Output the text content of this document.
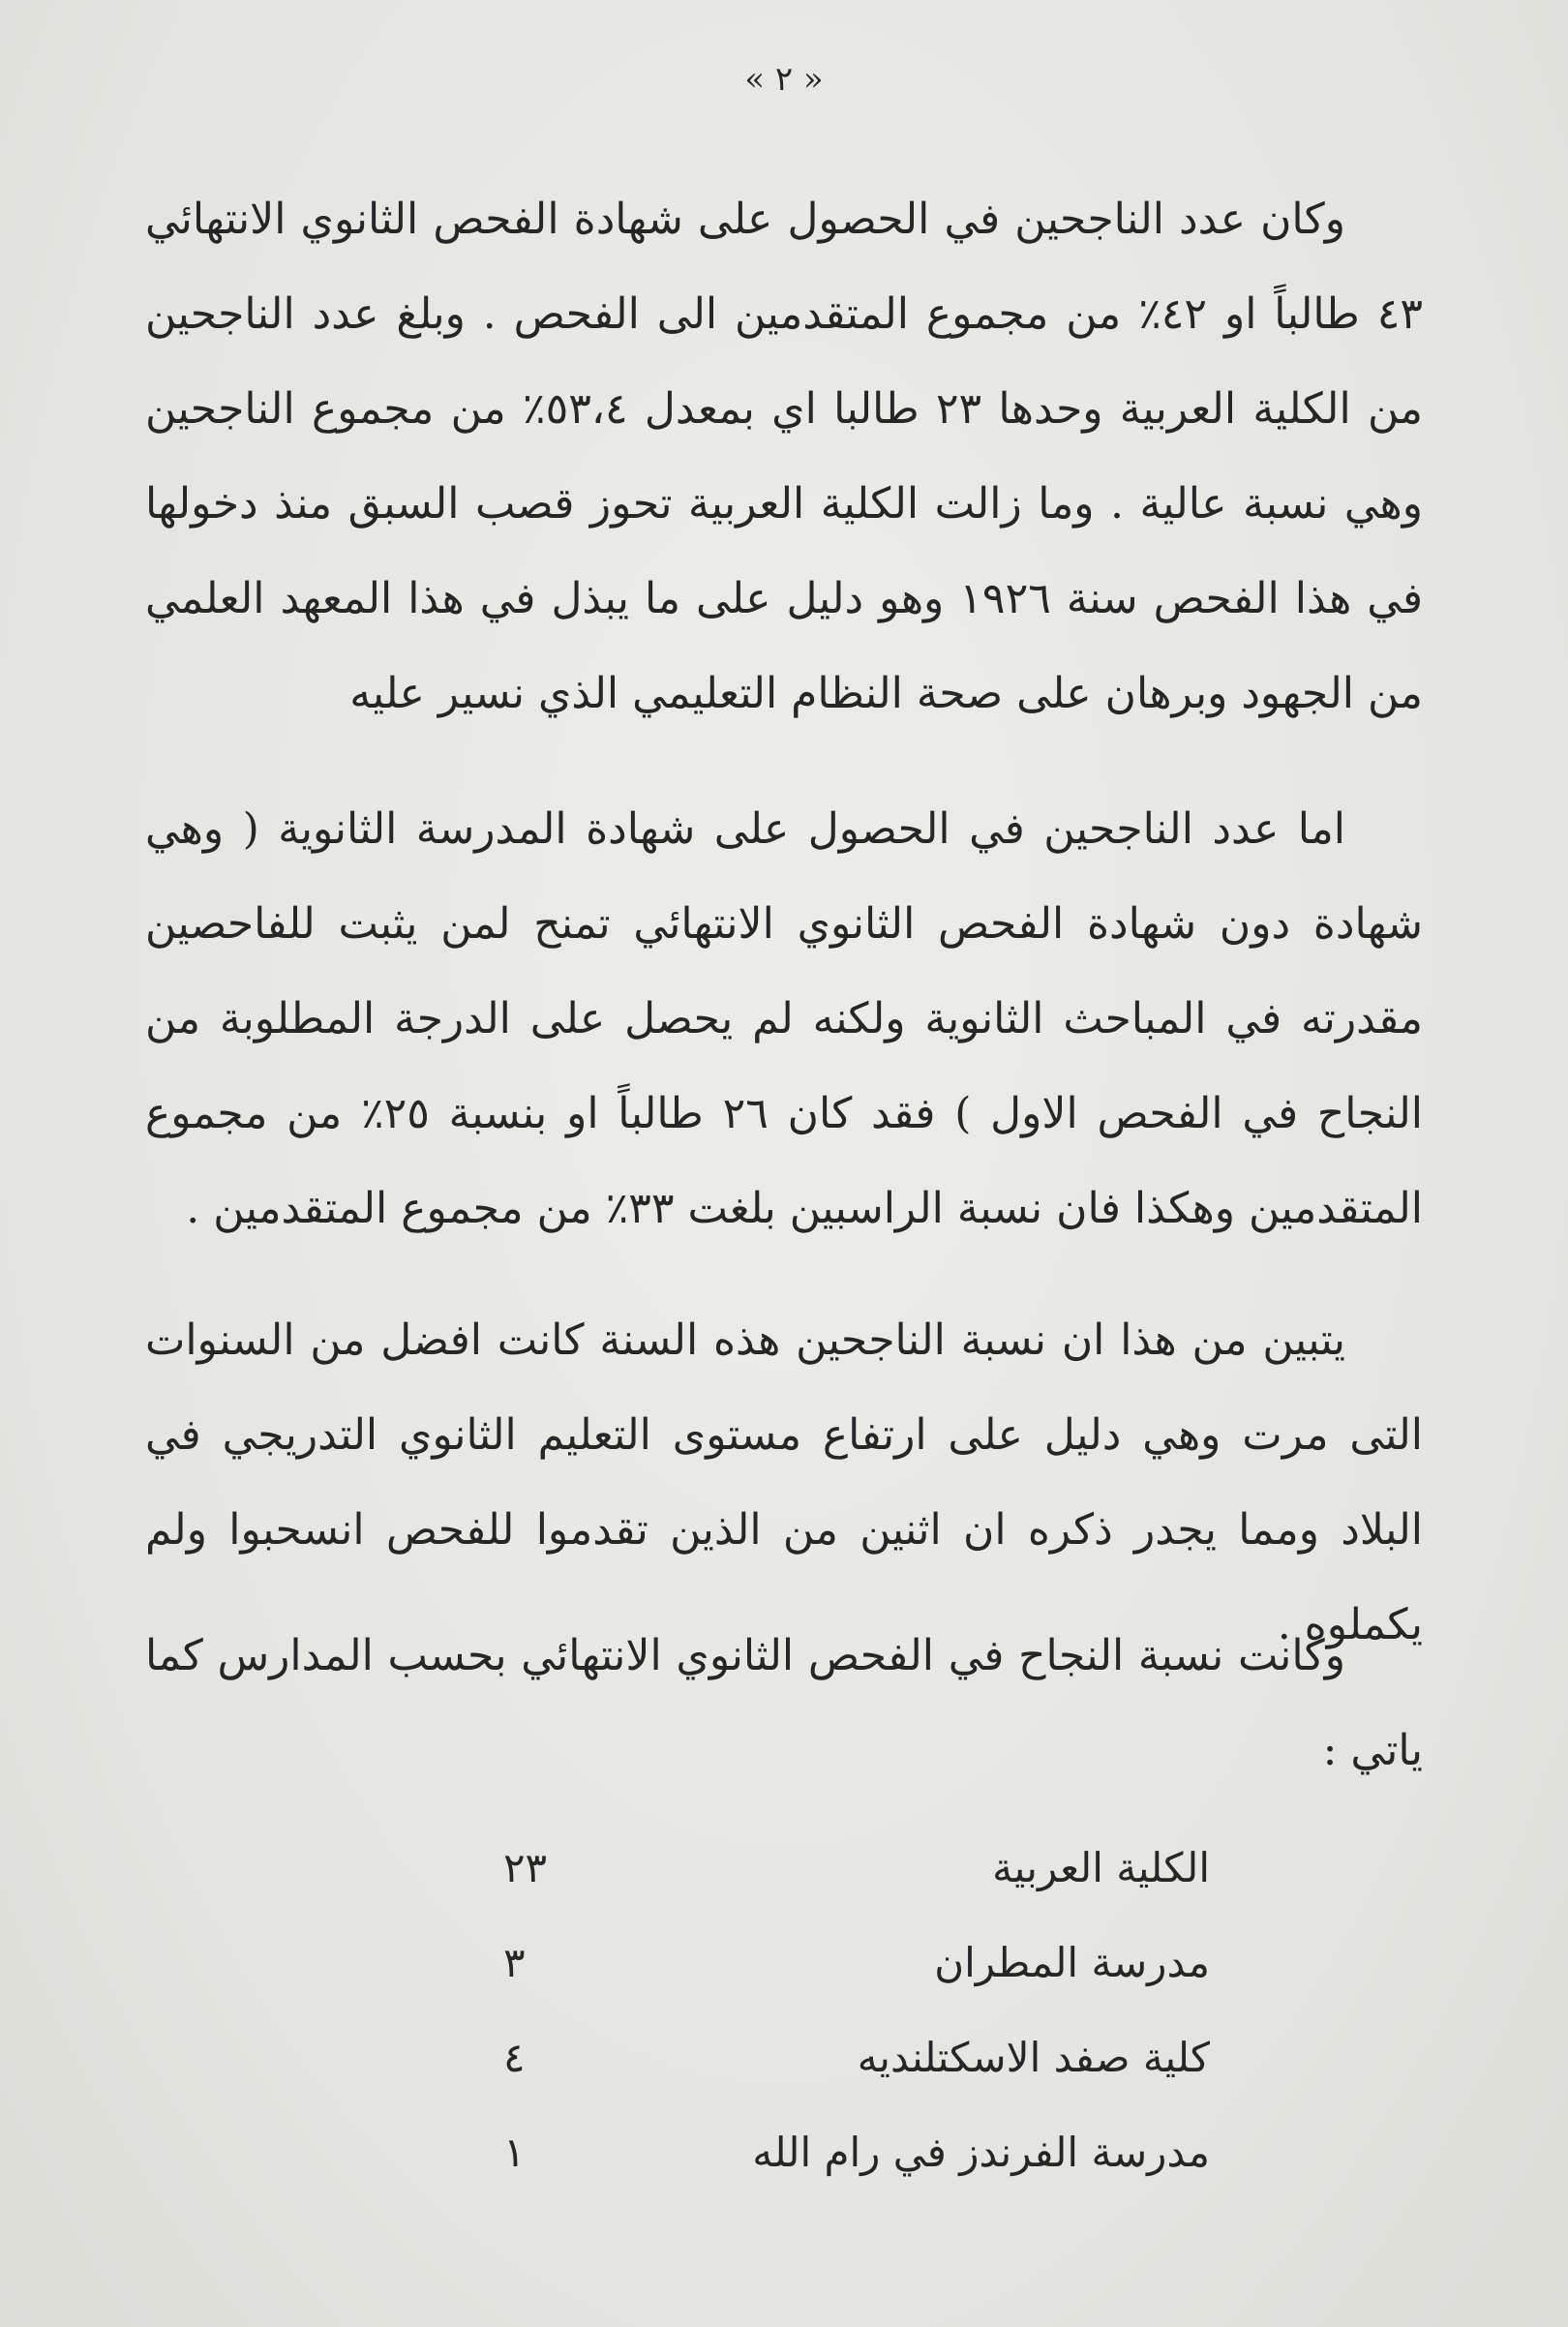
« ٢ »

وكان عدد الناجحين في الحصول على شهادة الفحص الثانوي الانتهائي ٤٣ طالباً او ٤٢٪ من مجموع المتقدمين الى الفحص . وبلغ عدد الناجحين من الكلية العربية وحدها ٢٣ طالبا اي بمعدل ٥٣،٤٪ من مجموع الناجحين وهي نسبة عالية . وما زالت الكلية العربية تحوز قصب السبق منذ دخولها في هذا الفحص سنة ١٩٢٦ وهو دليل على ما يبذل في هذا المعهد العلمي من الجهود وبرهان على صحة النظام التعليمي الذي نسير عليه

اما عدد الناجحين في الحصول على شهادة المدرسة الثانوية ( وهي شهادة دون شهادة الفحص الثانوي الانتهائي تمنح لمن يثبت للفاحصين مقدرته في المباحث الثانوية ولكنه لم يحصل على الدرجة المطلوبة من النجاح في الفحص الاول ) فقد كان ٢٦ طالباً او بنسبة ٢٥٪ من مجموع المتقدمين وهكذا فان نسبة الراسبين بلغت ٣٣٪ من مجموع المتقدمين .

يتبين من هذا ان نسبة الناجحين هذه السنة كانت افضل من السنوات التى مرت وهي دليل على ارتفاع مستوى التعليم الثانوي التدريجي في البلاد ومما يجدر ذكره ان اثنين من الذين تقدموا للفحص انسحبوا ولم يكملوه .

وكانت نسبة النجاح في الفحص الثانوي الانتهائي بحسب المدارس كما ياتي :

الكلية العربية
٢٣
مدرسة المطران
٣
كلية صفد الاسكتلنديه
٤
مدرسة الفرندز في رام الله
١
